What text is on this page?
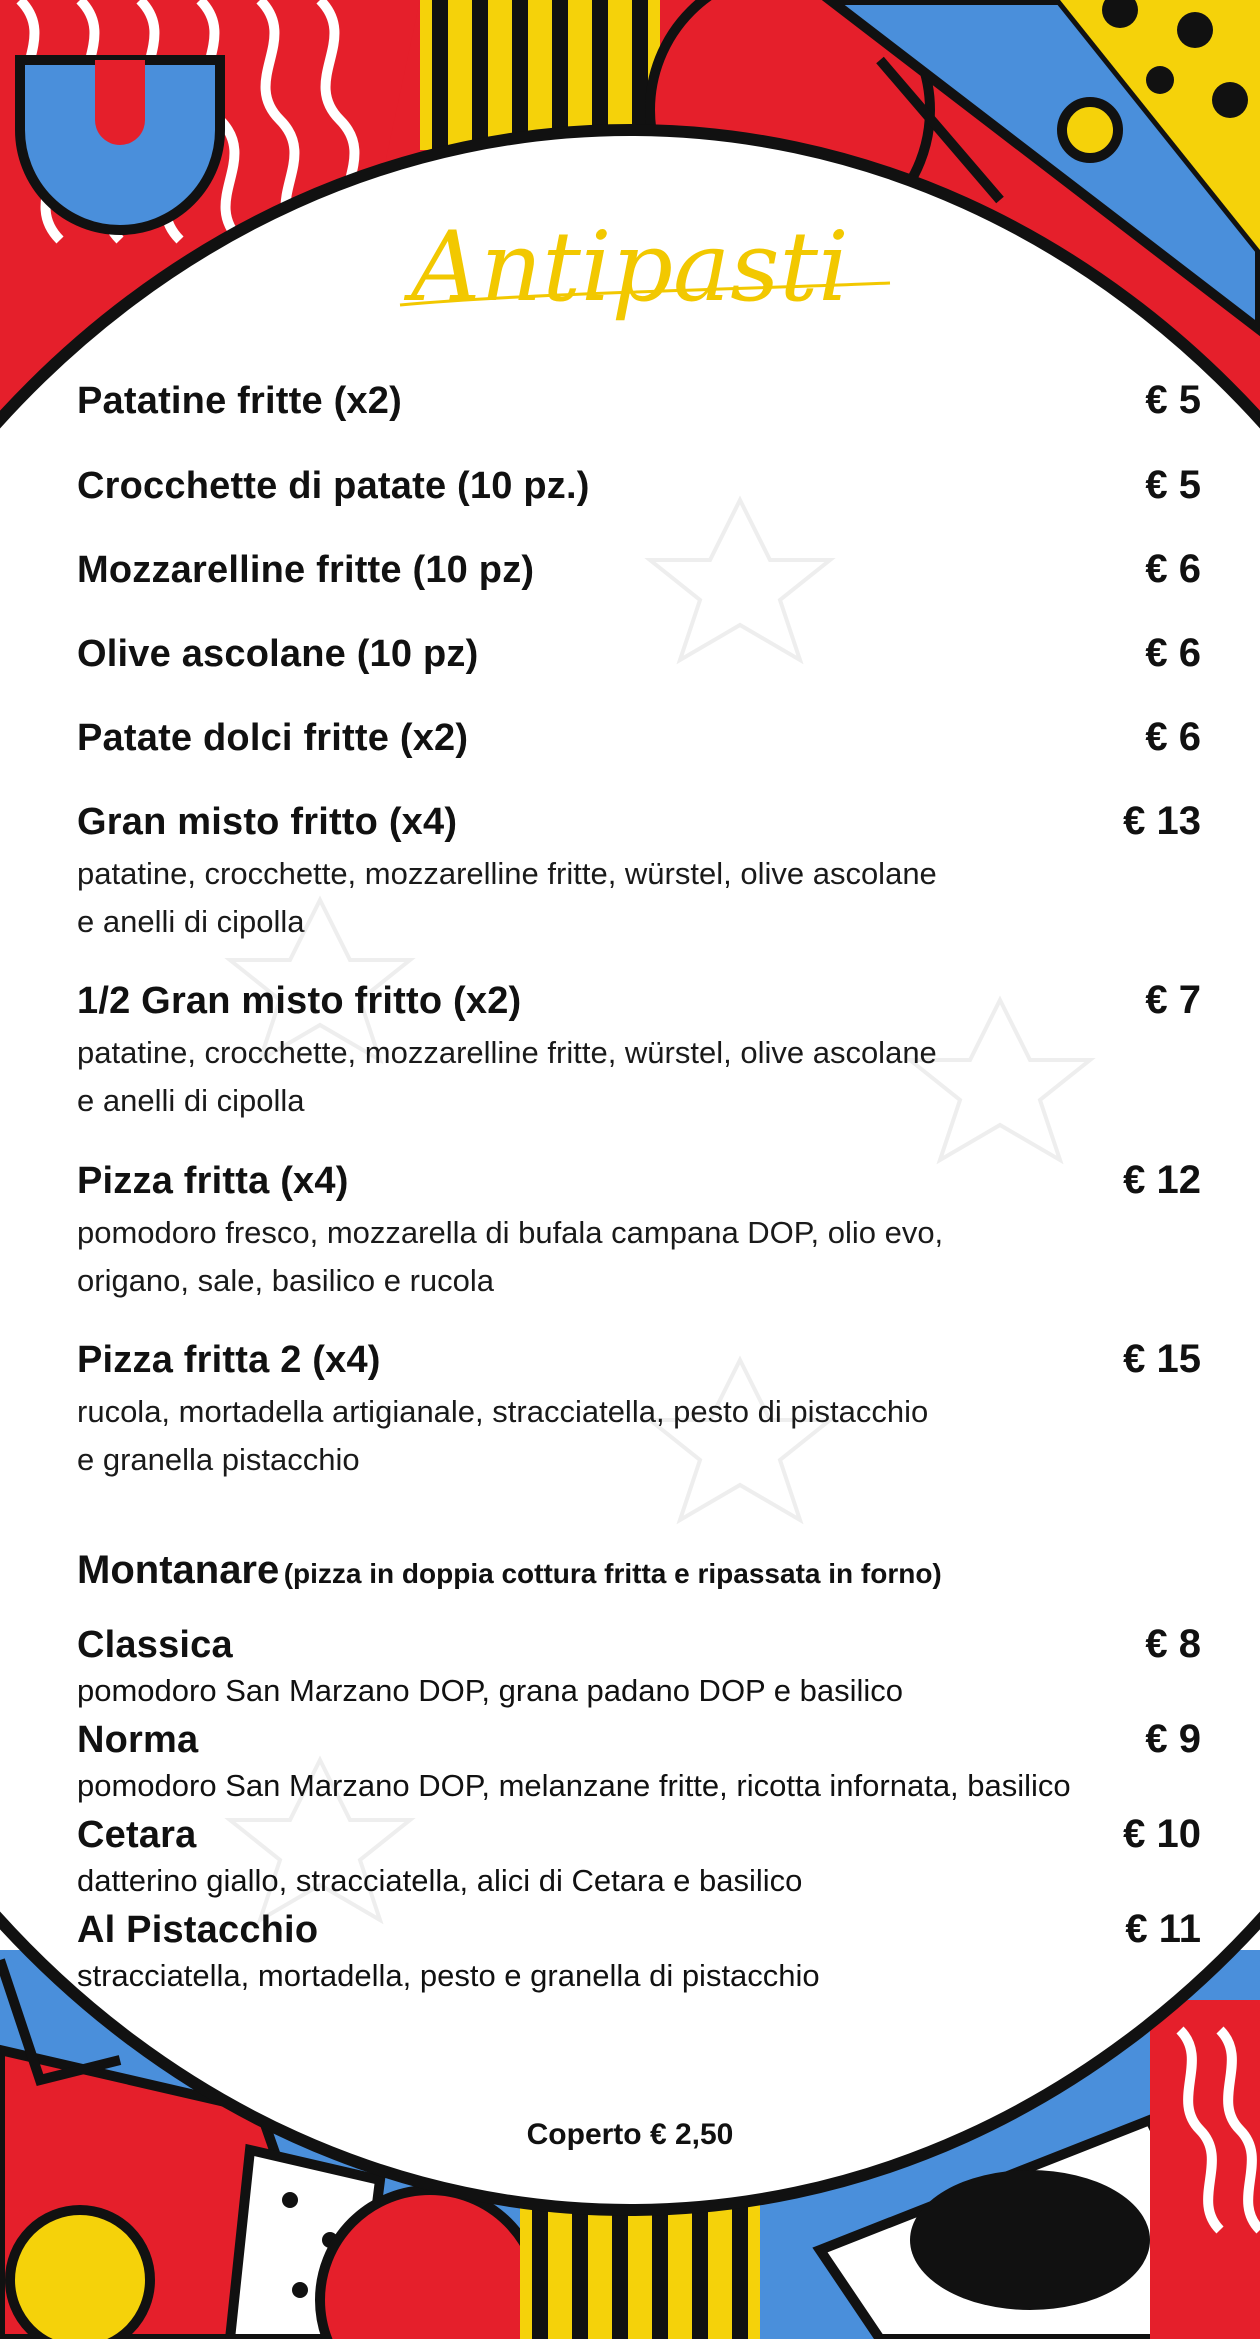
Antipasti
Patatine fritte (x2)	€ 5
Crocchette di patate (10 pz.)	€ 5
Mozzarelline fritte (10 pz)	€ 6
Olive ascolane (10 pz)	€ 6
Patate dolci fritte (x2)	€ 6
Gran misto fritto (x4)	€ 13
patatine, crocchette, mozzarelline fritte, würstel, olive ascolane
e anelli di cipolla
1/2 Gran misto fritto (x2)	€ 7
patatine, crocchette, mozzarelline fritte, würstel, olive ascolane
e anelli di cipolla
Pizza fritta (x4)	€ 12
pomodoro fresco, mozzarella di bufala campana DOP, olio evo,
origano, sale, basilico e rucola
Pizza fritta 2 (x4)	€ 15
rucola, mortadella artigianale, stracciatella, pesto di pistacchio
e granella pistacchio
Montanare (pizza in doppia cottura fritta e ripassata in forno)
Classica	€ 8
pomodoro San Marzano DOP, grana padano DOP e basilico
Norma	€ 9
pomodoro San Marzano DOP, melanzane fritte, ricotta infornata, basilico
Cetara	€ 10
datterino giallo, stracciatella, alici di Cetara e basilico
Al Pistacchio	€ 11
stracciatella, mortadella, pesto e granella di pistacchio
Coperto € 2,50
